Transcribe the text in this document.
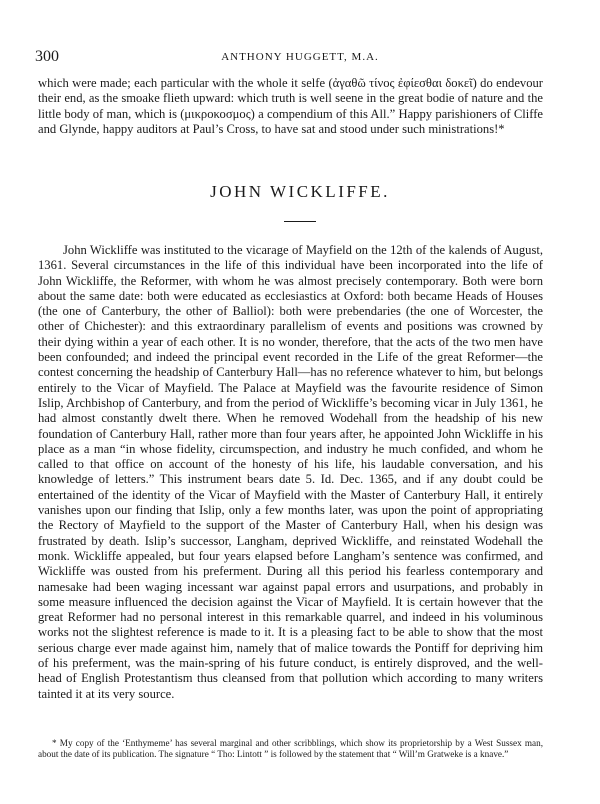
300	ANTHONY HUGGETT, M.A.

which were made; each particular with the whole it selfe (ἀγαθῶ τίνος ἐφίεσθαι δοκεῖ) do endevour their end, as the smoake flieth upward: which truth is well seene in the great bodie of nature and the little body of man, which is (μικροκοσμος) a compendium of this All.” Happy parishioners of Cliffe and Glynde, happy auditors at Paul’s Cross, to have sat and stood under such ministrations!*

JOHN WICKLIFFE.

John Wickliffe was instituted to the vicarage of Mayfield on the 12th of the kalends of August, 1361. Several circumstances in the life of this individual have been incorporated into the life of John Wickliffe, the Reformer, with whom he was almost precisely contemporary. Both were born about the same date: both were educated as ecclesiastics at Oxford: both became Heads of Houses (the one of Canterbury, the other of Balliol): both were prebendaries (the one of Worcester, the other of Chichester): and this extraordinary parallelism of events and positions was crowned by their dying within a year of each other. It is no wonder, therefore, that the acts of the two men have been confounded; and indeed the principal event recorded in the Life of the great Reformer—the contest concerning the headship of Canterbury Hall—has no reference whatever to him, but belongs entirely to the Vicar of Mayfield. The Palace at Mayfield was the favourite residence of Simon Islip, Archbishop of Canterbury, and from the period of Wickliffe’s becoming vicar in July 1361, he had almost constantly dwelt there. When he removed Wodehall from the headship of his new foundation of Canterbury Hall, rather more than four years after, he appointed John Wickliffe in his place as a man “in whose fidelity, circumspection, and industry he much confided, and whom he called to that office on account of the honesty of his life, his laudable conversation, and his knowledge of letters.” This instrument bears date 5. Id. Dec. 1365, and if any doubt could be entertained of the identity of the Vicar of Mayfield with the Master of Canterbury Hall, it entirely vanishes upon our finding that Islip, only a few months later, was upon the point of appropriating the Rectory of Mayfield to the support of the Master of Canterbury Hall, when his design was frustrated by death. Islip’s successor, Langham, deprived Wickliffe, and reinstated Wodehall the monk. Wickliffe appealed, but four years elapsed before Langham’s sentence was confirmed, and Wickliffe was ousted from his preferment. During all this period his fearless contemporary and namesake had been waging incessant war against papal errors and usurpations, and probably in some measure influenced the decision against the Vicar of Mayfield. It is certain however that the great Reformer had no personal interest in this remarkable quarrel, and indeed in his voluminous works not the slightest reference is made to it. It is a pleasing fact to be able to show that the most serious charge ever made against him, namely that of malice towards the Pontiff for depriving him of his preferment, was the main-spring of his future conduct, is entirely disproved, and the well-head of English Protestantism thus cleansed from that pollution which according to many writers tainted it at its very source.

* My copy of the ‘Enthymeme’ has several marginal and other scribblings, which show its proprietorship by a West Sussex man, about the date of its publication. The signature “ Tho: Lintott ” is followed by the statement that “ Will’m Gratweke is a knave.”
